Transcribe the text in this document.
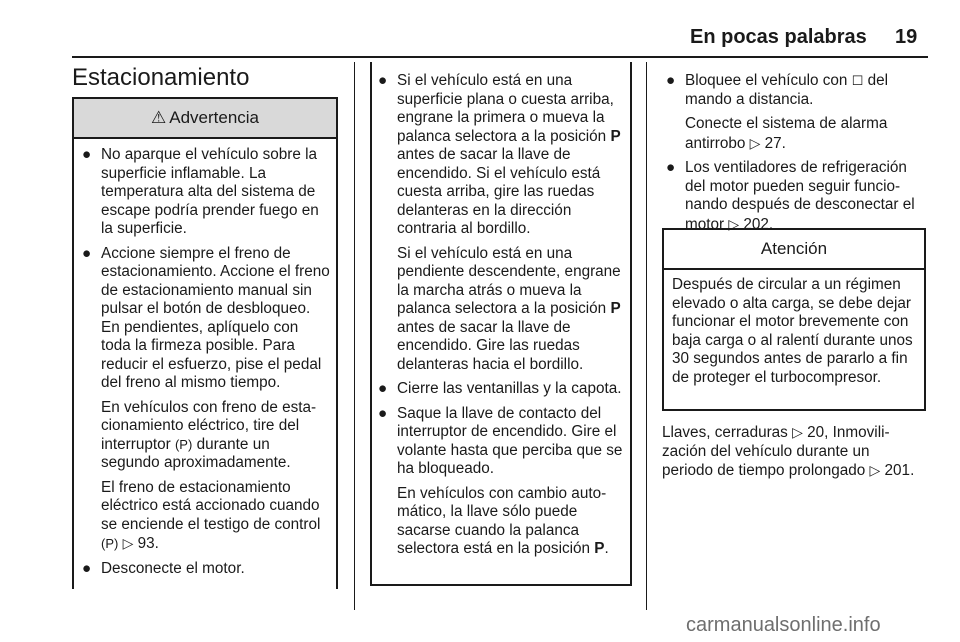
En pocas palabras 19
Estacionamiento
⚠ Advertencia
● No aparque el vehículo sobre la superficie inflamable. La temperatura alta del sistema de escape podría prender fuego en la superficie.
● Accione siempre el freno de estacionamiento. Accione el freno de estacionamiento manual sin pulsar el botón de desbloqueo. En pendientes, aplíquelo con toda la firmeza posible. Para reducir el esfuerzo, pise el pedal del freno al mismo tiempo.
En vehículos con freno de estacionamiento eléctrico, tire del interruptor (P) durante un segundo aproximadamente.
El freno de estacionamiento eléctrico está accionado cuando se enciende el testigo de control (P) ▷ 93.
● Desconecte el motor.
● Si el vehículo está en una superficie plana o cuesta arriba, engrane la primera o mueva la palanca selectora a la posición P antes de sacar la llave de encendido. Si el vehículo está cuesta arriba, gire las ruedas delanteras en la dirección contraria al bordillo.
Si el vehículo está en una pendiente descendente, engrane la marcha atrás o mueva la palanca selectora a la posición P antes de sacar la llave de encendido. Gire las ruedas delanteras hacia el bordillo.
● Cierre las ventanillas y la capota.
● Saque la llave de contacto del interruptor de encendido. Gire el volante hasta que perciba que se ha bloqueado.
En vehículos con cambio automático, la llave sólo puede sacarse cuando la palanca selectora está en la posición P.
● Bloquee el vehículo con ☐ del mando a distancia.
Conecte el sistema de alarma antirrobo ▷ 27.
● Los ventiladores de refrigeración del motor pueden seguir funcionando después de desconectar el motor ▷ 202.
Atención
Después de circular a un régimen elevado o alta carga, se debe dejar funcionar el motor brevemente con baja carga o al ralentí durante unos 30 segundos antes de pararlo a fin de proteger el turbocompresor.
Llaves, cerraduras ▷ 20, Inmovilización del vehículo durante un periodo de tiempo prolongado ▷ 201.
carmanualsonline.info
